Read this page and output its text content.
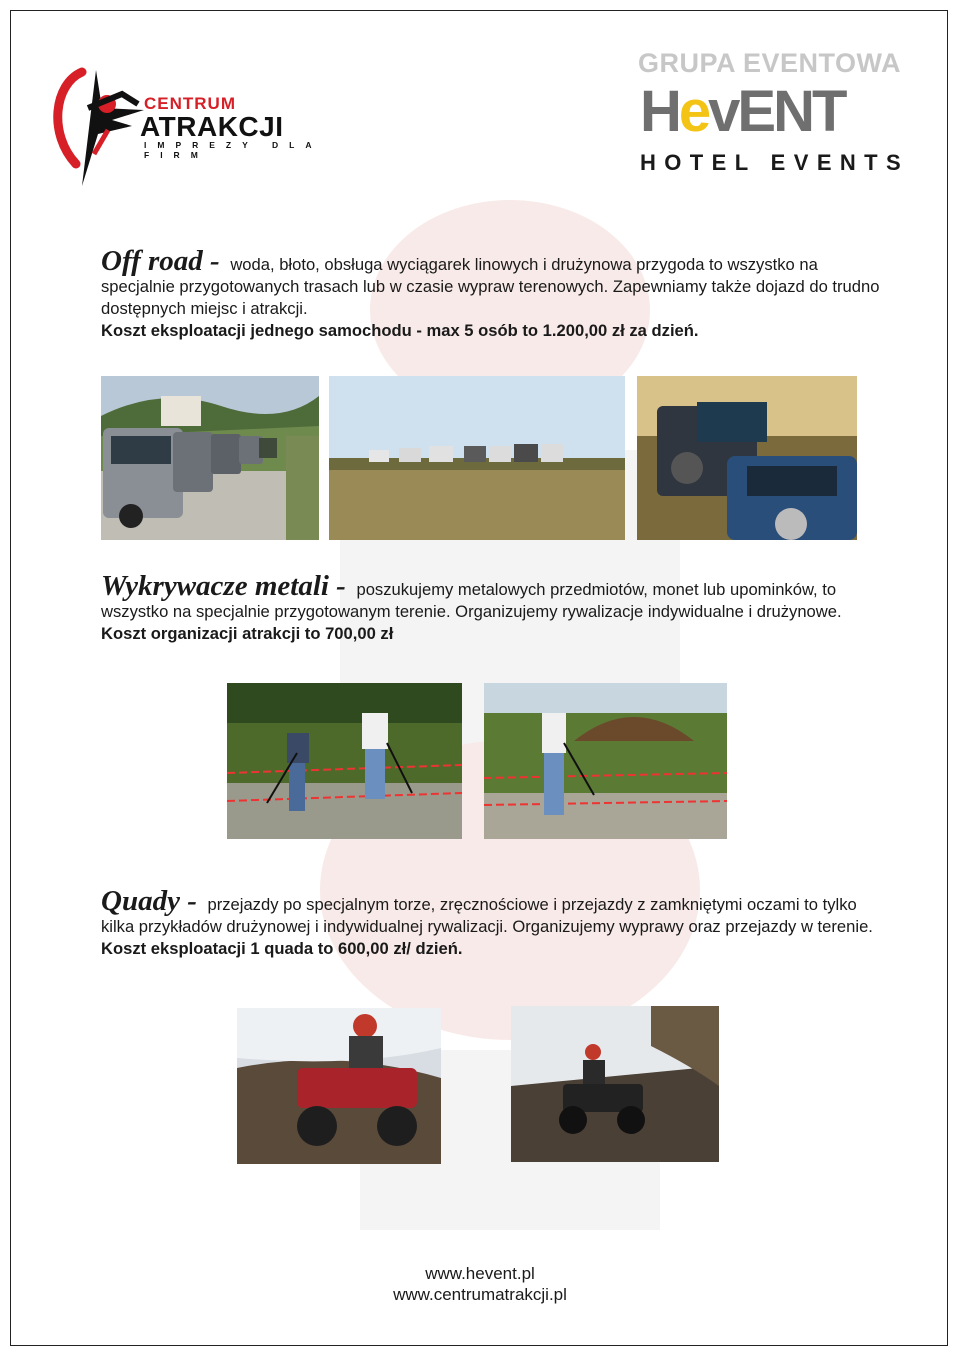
CENTRUM
ATRAKCJI
IMPREZY DLA FIRM
GRUPA EVENTOWA
HevENT
HOTEL EVENTS
Off road - woda, błoto, obsługa wyciągarek linowych i drużynowa przygoda to wszystko na specjalnie przygotowanych trasach lub w czasie wypraw terenowych. Zapewniamy także dojazd do trudno dostępnych miejsc i atrakcji.
Koszt eksploatacji jednego samochodu - max 5 osób to 1.200,00 zł za dzień.
Wykrywacze metali - poszukujemy metalowych przedmiotów, monet lub upominków, to wszystko na specjalnie przygotowanym terenie. Organizujemy rywalizacje indywidualne i drużynowe. Koszt organizacji atrakcji to 700,00 zł
Quady - przejazdy po specjalnym torze, zręcznościowe i przejazdy z zamkniętymi oczami to tylko kilka przykładów drużynowej i indywidualnej rywalizacji. Organizujemy wyprawy oraz przejazdy w terenie. Koszt eksploatacji 1 quada to 600,00 zł/ dzień.
www.hevent.pl
www.centrumatrakcji.pl
